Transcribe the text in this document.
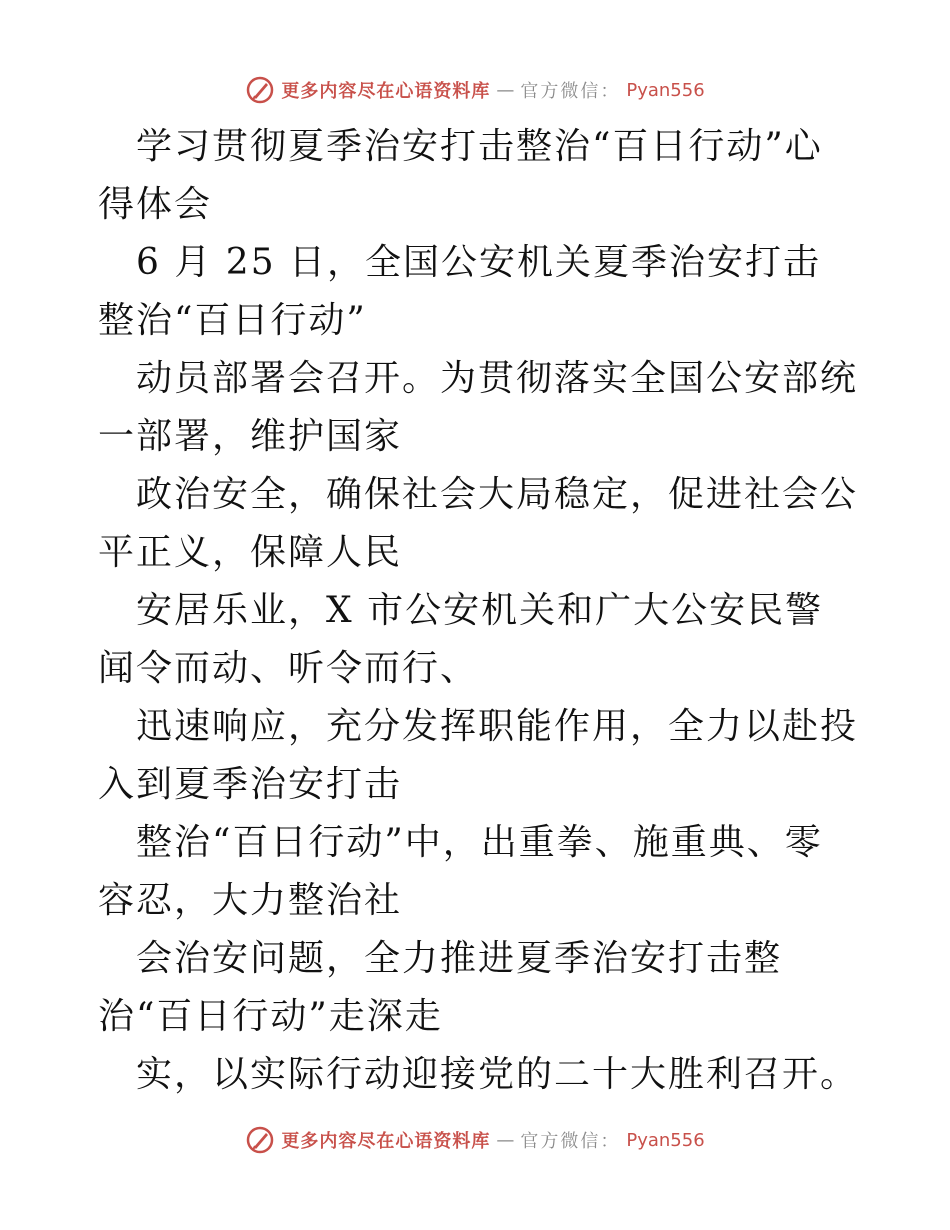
更多内容尽在心语资料库 — 官方微信： Pyan556

学习贯彻夏季治安打击整治“百日行动”心得体会

6 月 25 日，全国公安机关夏季治安打击整治“百日行动”

动员部署会召开。为贯彻落实全国公安部统一部署，维护国家

政治安全，确保社会大局稳定，促进社会公平正义，保障人民

安居乐业，X 市公安机关和广大公安民警闻令而动、听令而行、

迅速响应，充分发挥职能作用，全力以赴投入到夏季治安打击

整治“百日行动”中，出重拳、施重典、零容忍，大力整治社

会治安问题，全力推进夏季治安打击整治“百日行动”走深走

实，以实际行动迎接党的二十大胜利召开。

更多内容尽在心语资料库 — 官方微信： Pyan556
